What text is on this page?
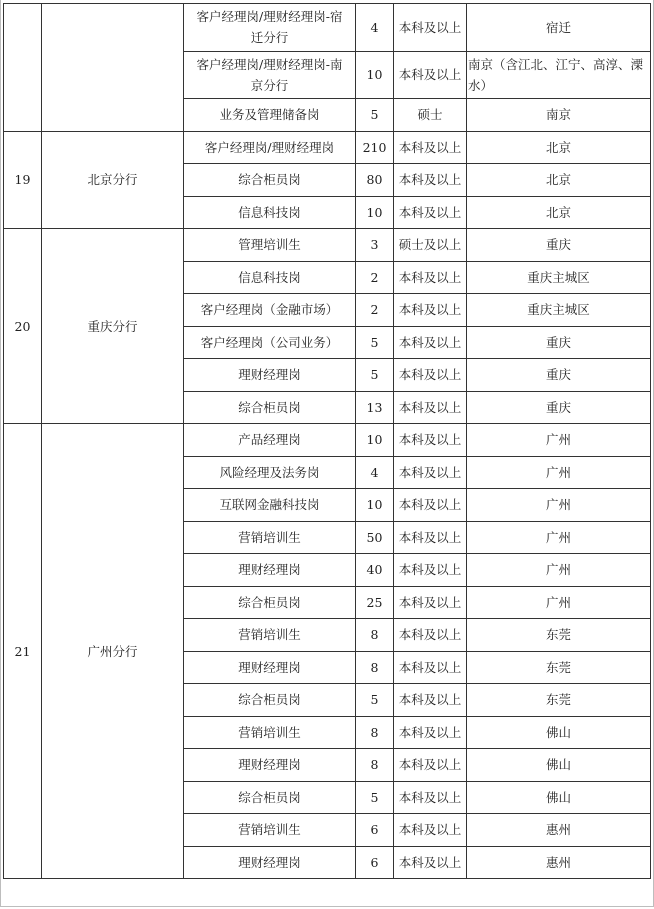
		客户经理岗/理财经理岗-宿迁分行	4	本科及以上	宿迁
		客户经理岗/理财经理岗-南京分行	10	本科及以上	南京（含江北、江宁、高淳、溧水）
		业务及管理储备岗	5	硕士	南京
19	北京分行	客户经理岗/理财经理岗	210	本科及以上	北京
		综合柜员岗	80	本科及以上	北京
		信息科技岗	10	本科及以上	北京
20	重庆分行	管理培训生	3	硕士及以上	重庆
		信息科技岗	2	本科及以上	重庆主城区
		客户经理岗（金融市场）	2	本科及以上	重庆主城区
		客户经理岗（公司业务）	5	本科及以上	重庆
		理财经理岗	5	本科及以上	重庆
		综合柜员岗	13	本科及以上	重庆
21	广州分行	产品经理岗	10	本科及以上	广州
		风险经理及法务岗	4	本科及以上	广州
		互联网金融科技岗	10	本科及以上	广州
		营销培训生	50	本科及以上	广州
		理财经理岗	40	本科及以上	广州
		综合柜员岗	25	本科及以上	广州
		营销培训生	8	本科及以上	东莞
		理财经理岗	8	本科及以上	东莞
		综合柜员岗	5	本科及以上	东莞
		营销培训生	8	本科及以上	佛山
		理财经理岗	8	本科及以上	佛山
		综合柜员岗	5	本科及以上	佛山
		营销培训生	6	本科及以上	惠州
		理财经理岗	6	本科及以上	惠州
